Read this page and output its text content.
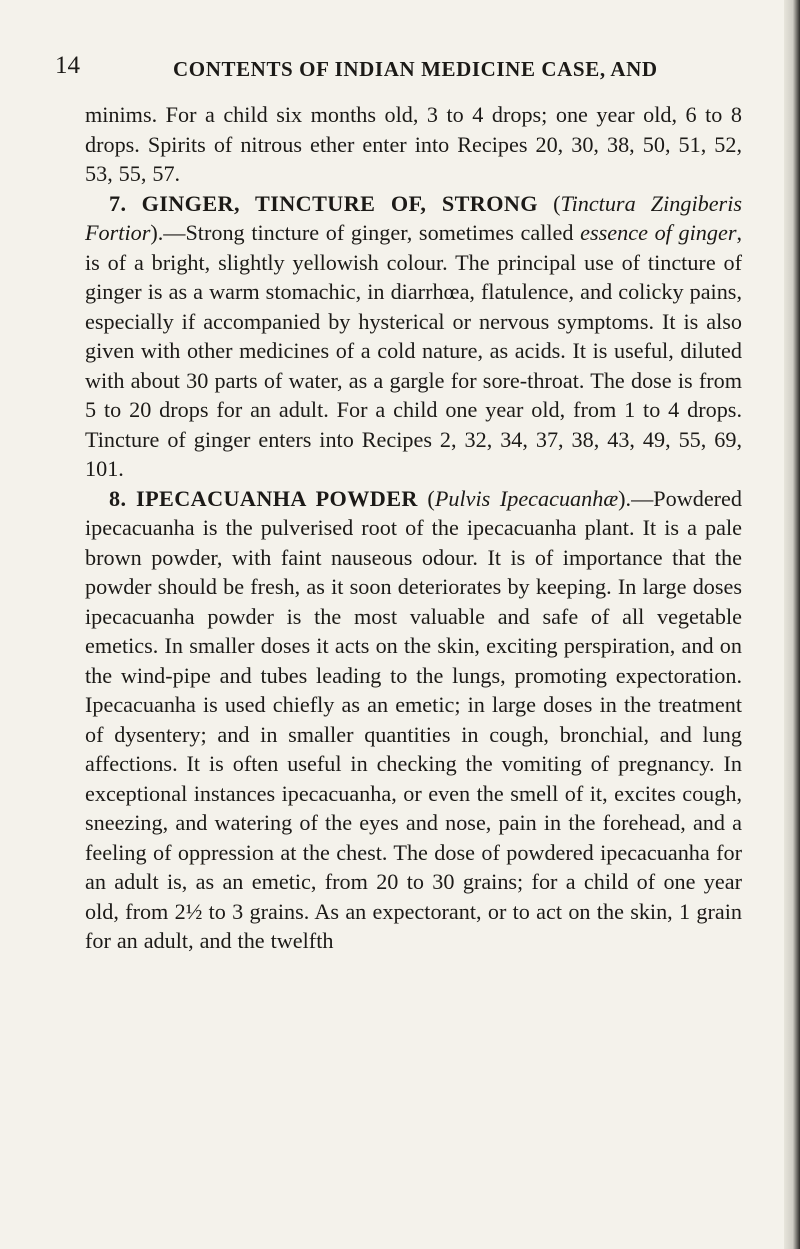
14	CONTENTS OF INDIAN MEDICINE CASE, AND

minims. For a child six months old, 3 to 4 drops; one year old, 6 to 8 drops. Spirits of nitrous ether enter into Recipes 20, 30, 38, 50, 51, 52, 53, 55, 57.

7. GINGER, TINCTURE OF, STRONG (Tinctura Zingiberis Fortior).—Strong tincture of ginger, sometimes called essence of ginger, is of a bright, slightly yellowish colour. The principal use of tincture of ginger is as a warm stomachic, in diarrhœa, flatulence, and colicky pains, especially if accompanied by hysterical or nervous symptoms. It is also given with other medicines of a cold nature, as acids. It is useful, diluted with about 30 parts of water, as a gargle for sore-throat. The dose is from 5 to 20 drops for an adult. For a child one year old, from 1 to 4 drops. Tincture of ginger enters into Recipes 2, 32, 34, 37, 38, 43, 49, 55, 69, 101.

8. IPECACUANHA POWDER (Pulvis Ipecacuanhæ).—Powdered ipecacuanha is the pulverised root of the ipecacuanha plant. It is a pale brown powder, with faint nauseous odour. It is of importance that the powder should be fresh, as it soon deteriorates by keeping. In large doses ipecacuanha powder is the most valuable and safe of all vegetable emetics. In smaller doses it acts on the skin, exciting perspiration, and on the wind-pipe and tubes leading to the lungs, promoting expectoration. Ipecacuanha is used chiefly as an emetic; in large doses in the treatment of dysentery; and in smaller quantities in cough, bronchial, and lung affections. It is often useful in checking the vomiting of pregnancy. In exceptional instances ipecacuanha, or even the smell of it, excites cough, sneezing, and watering of the eyes and nose, pain in the forehead, and a feeling of oppression at the chest. The dose of powdered ipecacuanha for an adult is, as an emetic, from 20 to 30 grains; for a child of one year old, from 2½ to 3 grains. As an expectorant, or to act on the skin, 1 grain for an adult, and the twelfth
